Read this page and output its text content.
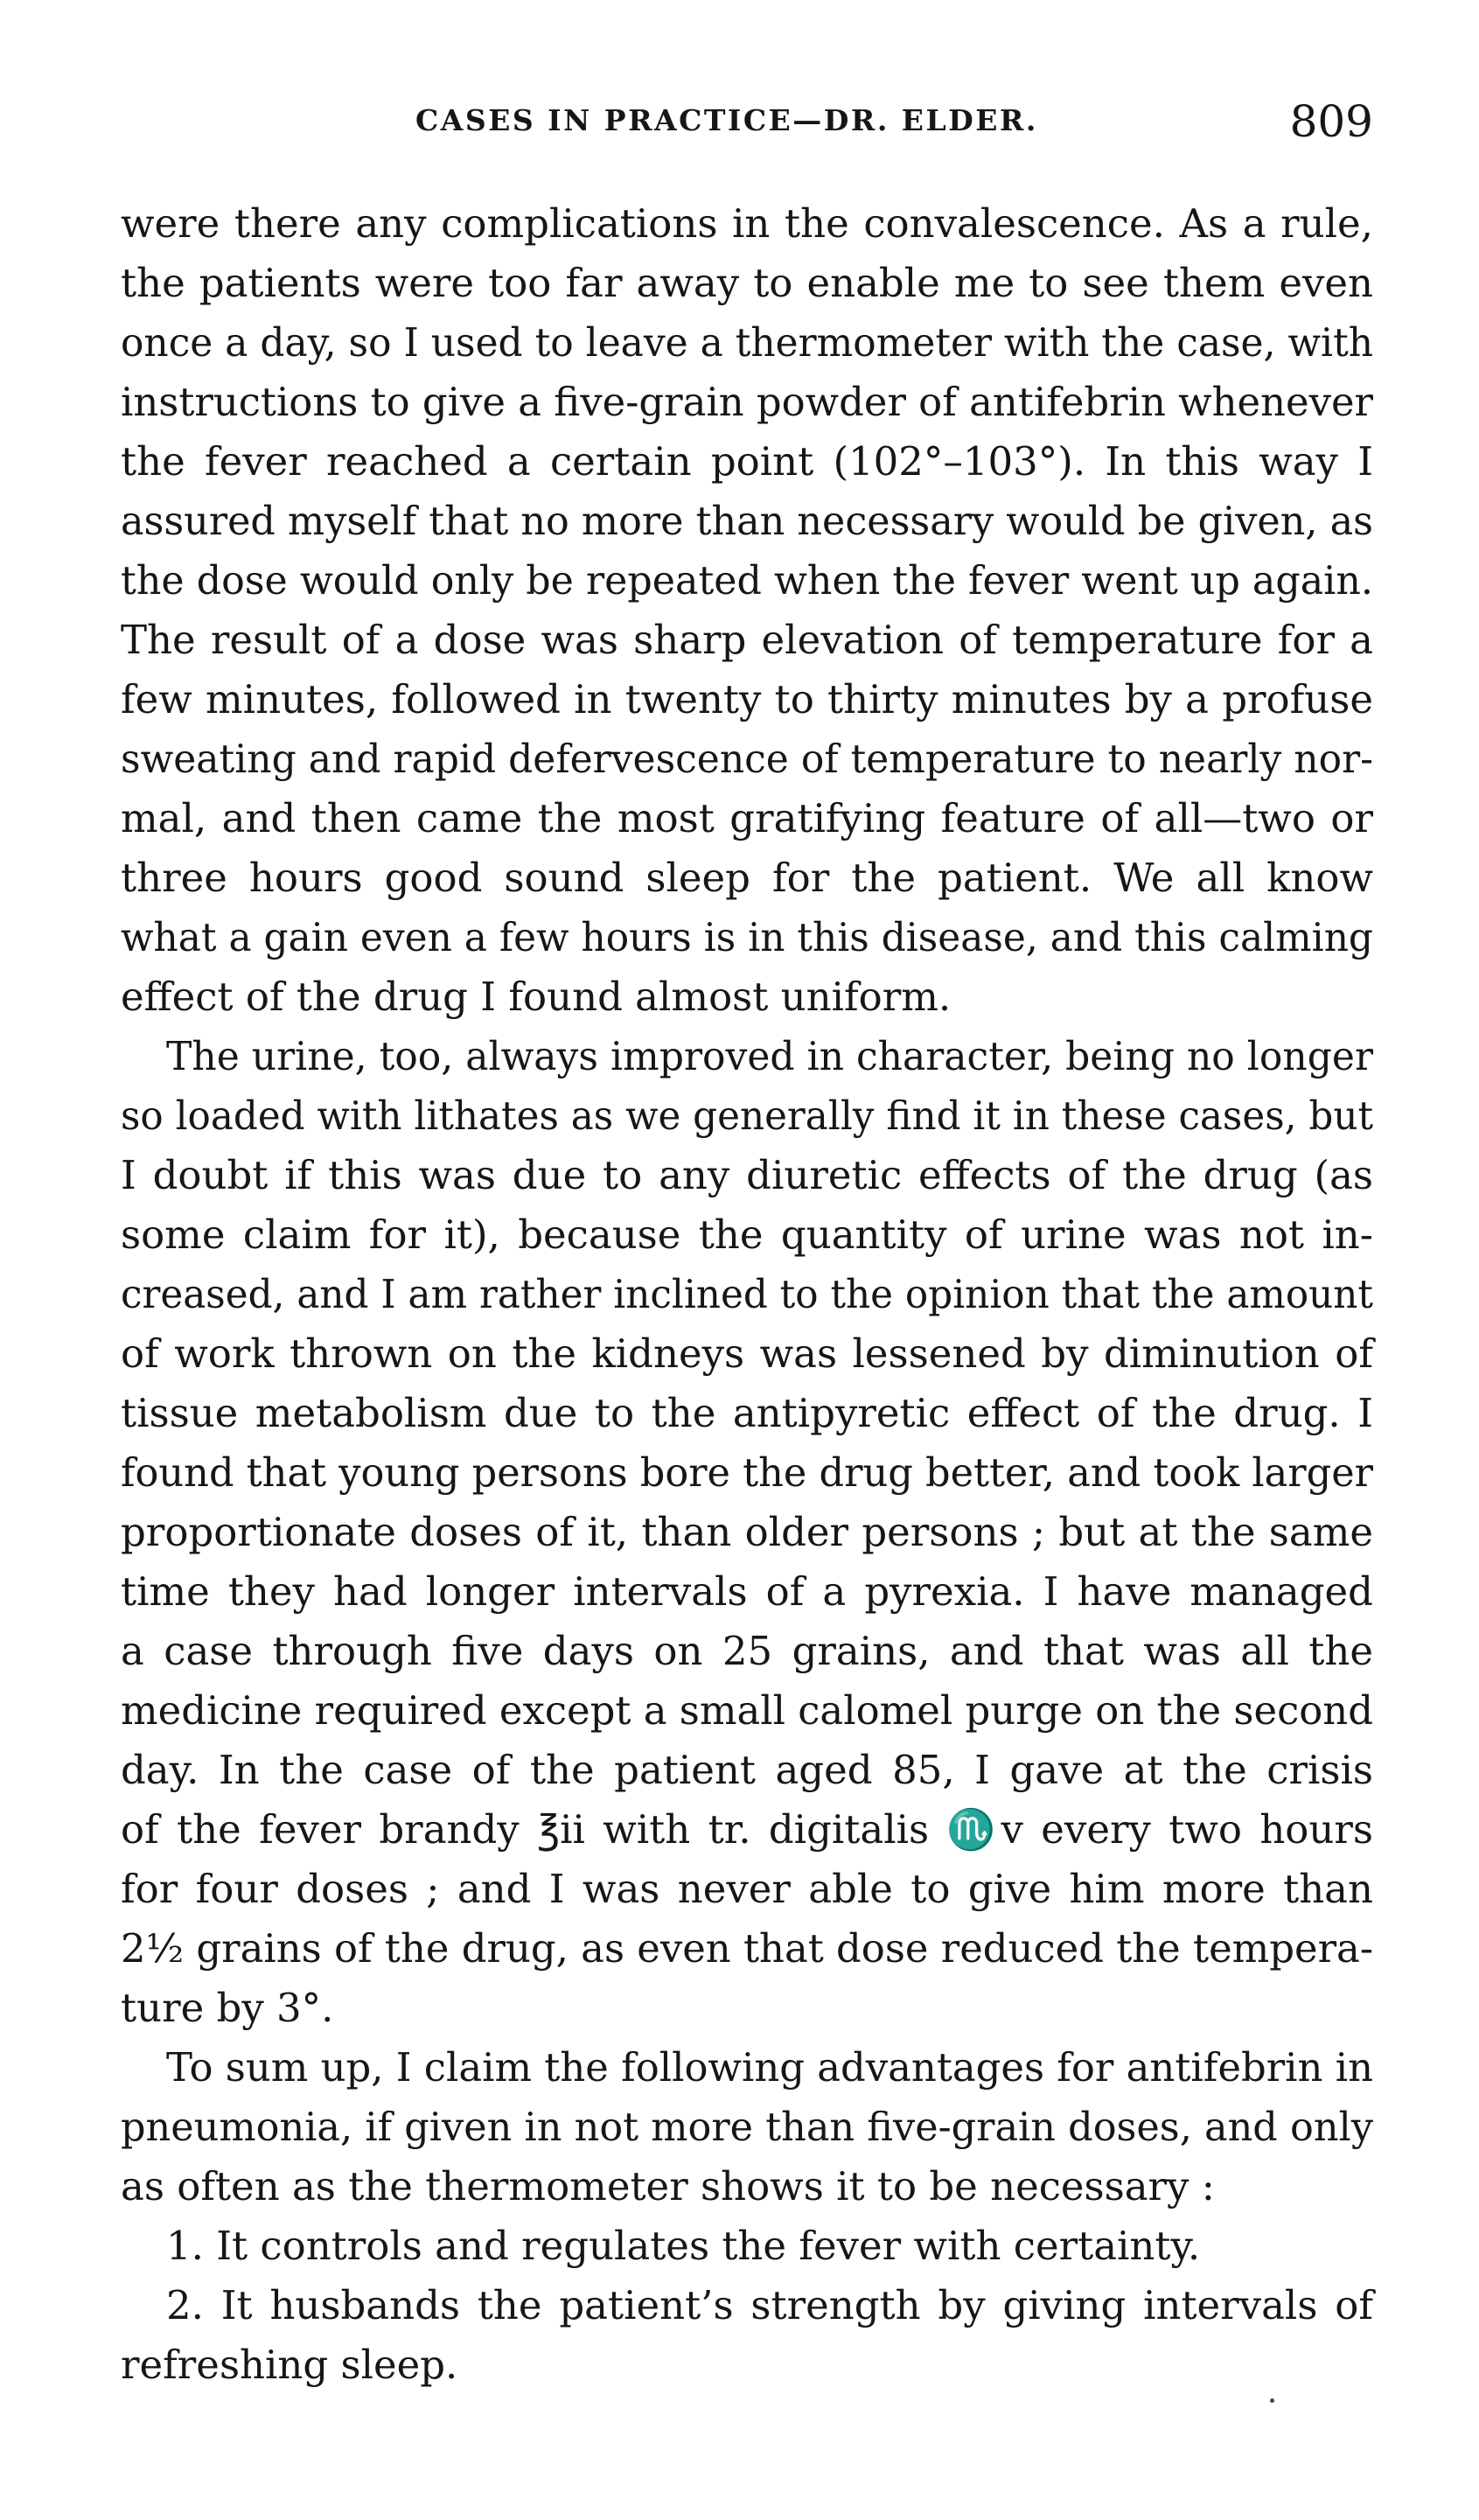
CASES IN PRACTICE—DR. ELDER.	809
were there any complications in the convalescence. As a rule,
the patients were too far away to enable me to see them even
once a day, so I used to leave a thermometer with the case, with
instructions to give a five-grain powder of antifebrin whenever
the fever reached a certain point (102°–103°). In this way I
assured myself that no more than necessary would be given, as
the dose would only be repeated when the fever went up again.
The result of a dose was sharp elevation of temperature for a
few minutes, followed in twenty to thirty minutes by a profuse
sweating and rapid defervescence of temperature to nearly nor-
mal, and then came the most gratifying feature of all—two or
three hours good sound sleep for the patient. We all know
what a gain even a few hours is in this disease, and this calming
effect of the drug I found almost uniform.
The urine, too, always improved in character, being no longer
so loaded with lithates as we generally find it in these cases, but
I doubt if this was due to any diuretic effects of the drug (as
some claim for it), because the quantity of urine was not in-
creased, and I am rather inclined to the opinion that the amount
of work thrown on the kidneys was lessened by diminution of
tissue metabolism due to the antipyretic effect of the drug. I
found that young persons bore the drug better, and took larger
proportionate doses of it, than older persons ; but at the same
time they had longer intervals of a pyrexia. I have managed
a case through five days on 25 grains, and that was all the
medicine required except a small calomel purge on the second
day. In the case of the patient aged 85, I gave at the crisis
of the fever brandy ℥ii with tr. digitalis ♏v every two hours
for four doses ; and I was never able to give him more than
2½ grains of the drug, as even that dose reduced the tempera-
ture by 3°.
To sum up, I claim the following advantages for antifebrin in
pneumonia, if given in not more than five-grain doses, and only
as often as the thermometer shows it to be necessary :
1. It controls and regulates the fever with certainty.
2. It husbands the patient’s strength by giving intervals of
refreshing sleep.
